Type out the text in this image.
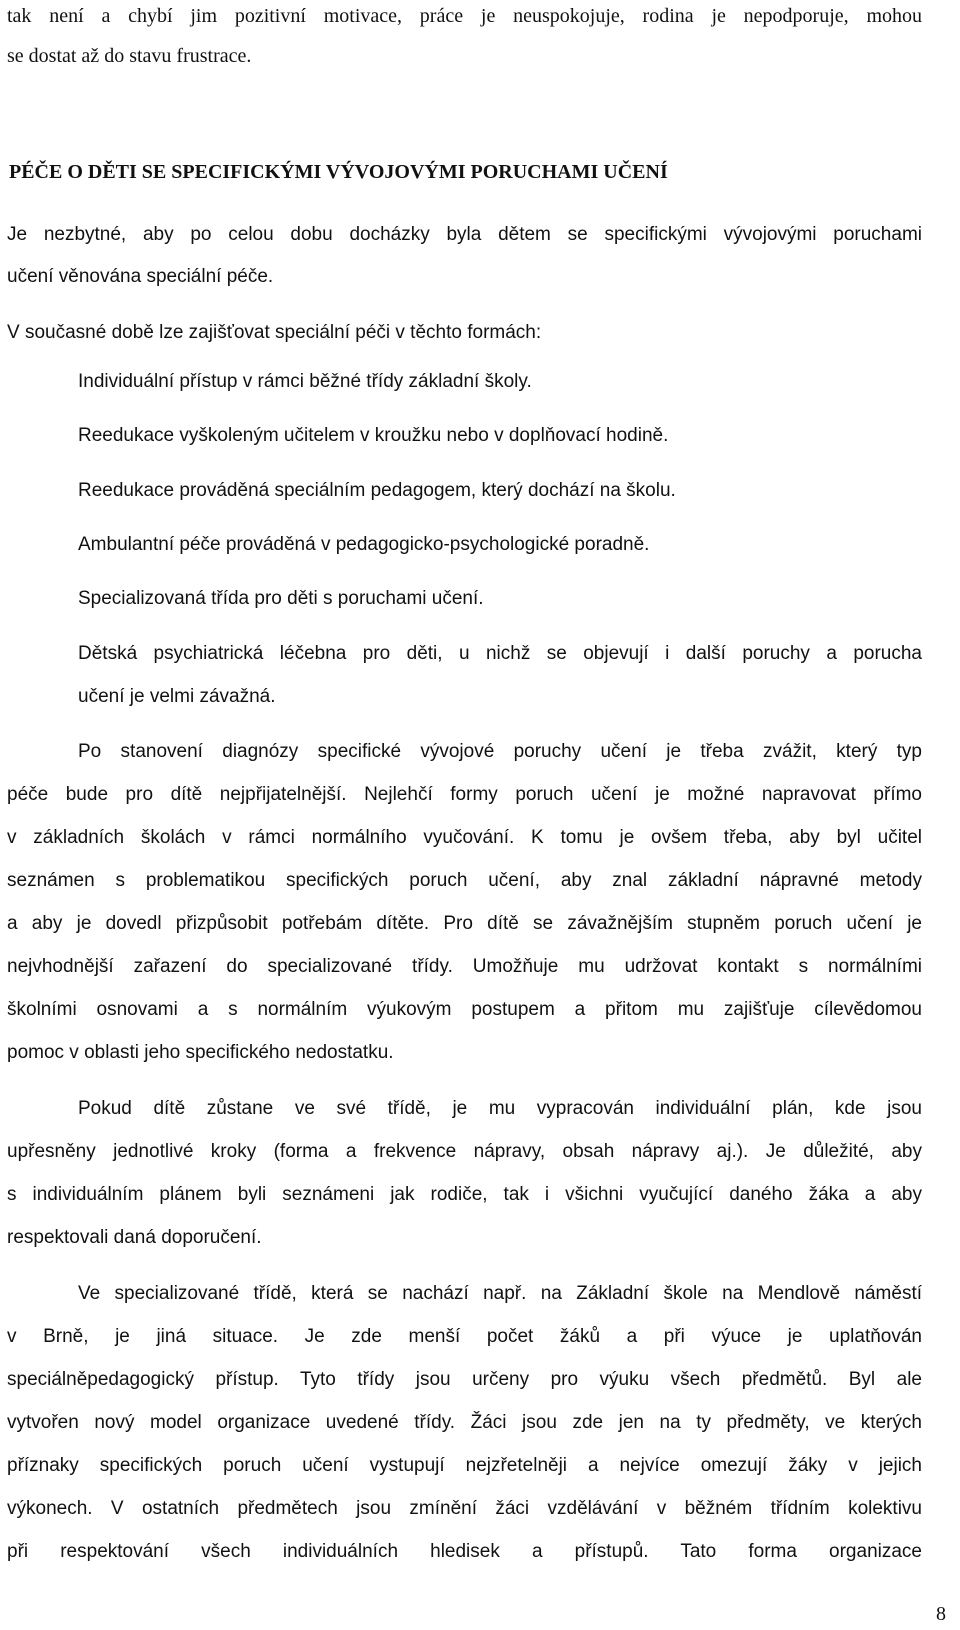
tak není a chybí jim pozitivní motivace, práce je neuspokojuje, rodina je nepodporuje, mohou

se dostat až do stavu frustrace.

PÉČE O DĚTI SE SPECIFICKÝMI VÝVOJOVÝMI PORUCHAMI UČENÍ

Je nezbytné, aby po celou dobu docházky byla dětem se specifickými vývojovými poruchami

učení věnována speciální péče.

V současné době lze zajišťovat speciální péči v těchto formách:

Individuální přístup v rámci běžné třídy základní školy.

Reedukace vyškoleným učitelem v kroužku nebo v doplňovací hodině.

Reedukace prováděná speciálním pedagogem, který dochází na školu.

Ambulantní péče prováděná v pedagogicko-psychologické poradně.

Specializovaná třída pro děti s poruchami učení.

Dětská psychiatrická léčebna pro děti, u nichž se objevují i další poruchy a porucha

učení je velmi závažná.

Po stanovení diagnózy specifické vývojové poruchy učení je třeba zvážit, který typ

péče bude pro dítě nejpřijatelnější. Nejlehčí formy poruch učení je možné napravovat přímo

v základních školách v rámci normálního vyučování. K tomu je ovšem třeba, aby byl učitel

seznámen s problematikou specifických poruch učení, aby znal základní nápravné metody

a aby je dovedl přizpůsobit potřebám dítěte. Pro dítě se závažnějším stupněm poruch učení je

nejvhodnější zařazení do specializované třídy. Umožňuje mu udržovat kontakt s normálními

školními osnovami a s normálním výukovým postupem a přitom mu zajišťuje cílevědomou

pomoc v oblasti jeho specifického nedostatku.

Pokud dítě zůstane ve své třídě, je mu vypracován individuální plán, kde jsou

upřesněny jednotlivé kroky (forma a frekvence nápravy, obsah nápravy aj.). Je důležité, aby

s individuálním plánem byli seznámeni jak rodiče, tak i všichni vyučující daného žáka a aby

respektovali daná doporučení.

Ve specializované třídě, která se nachází např. na Základní škole na Mendlově náměstí

v Brně, je jiná situace. Je zde menší počet žáků a při výuce je uplatňován

speciálněpedagogický přístup. Tyto třídy jsou určeny pro výuku všech předmětů. Byl ale

vytvořen nový model organizace uvedené třídy. Žáci jsou zde jen na ty předměty, ve kterých

příznaky specifických poruch učení vystupují nejzřetelněji a nejvíce omezují žáky v jejich

výkonech. V ostatních předmětech jsou zmínění žáci vzdělávání v běžném třídním kolektivu

při respektování všech individuálních hledisek a přístupů. Tato forma organizace

8
